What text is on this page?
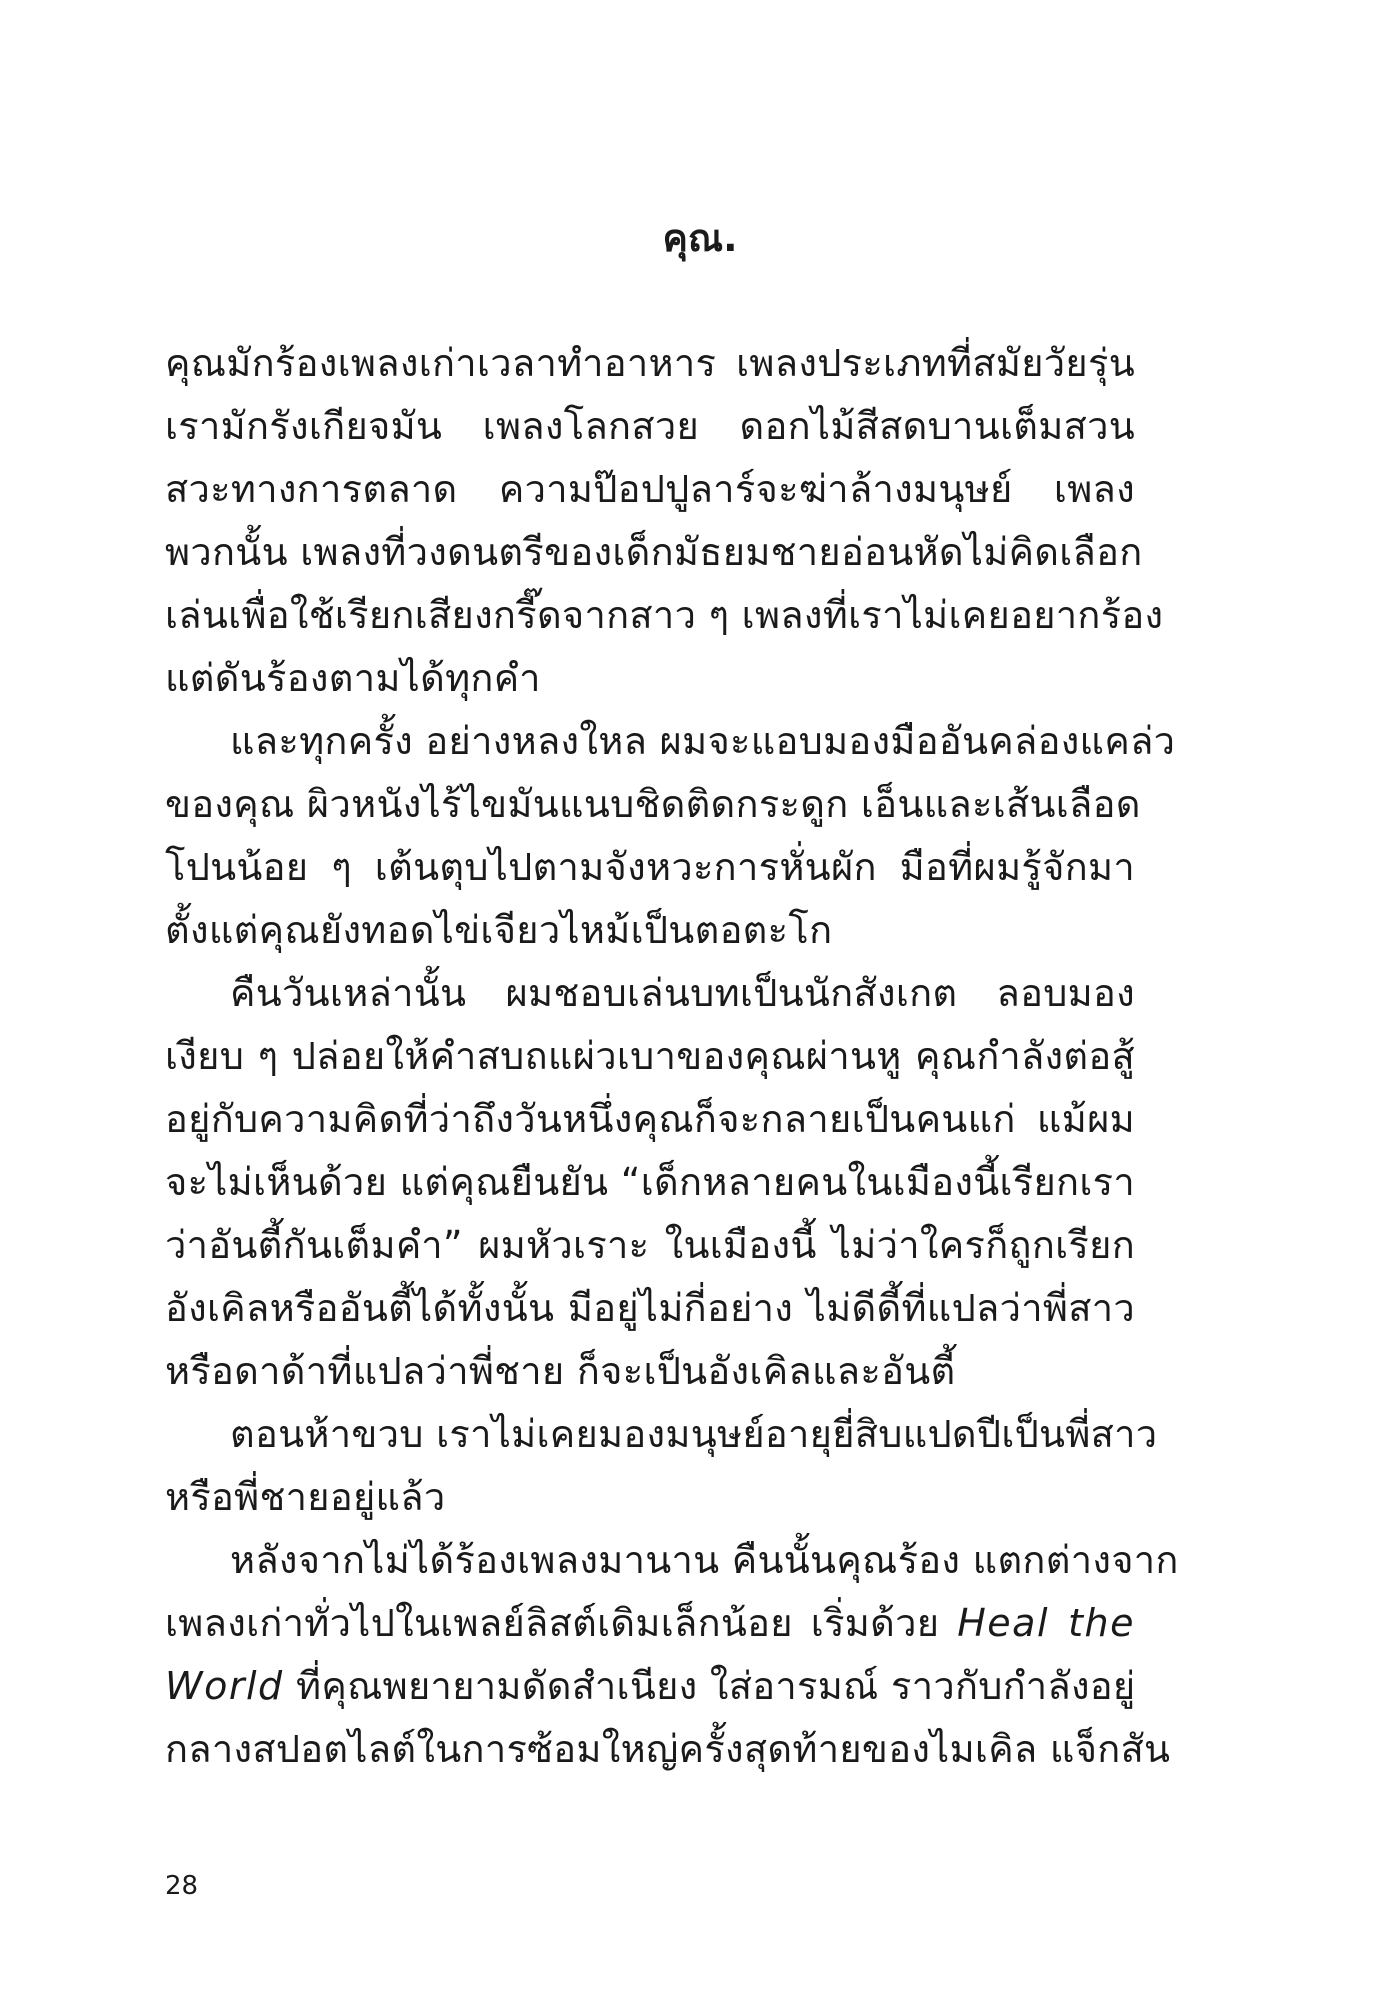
คุณ.
คุณมักร้องเพลงเก่าเวลาทำอาหาร เพลงประเภทที่สมัยวัยรุ่น
เรามักรังเกียจมัน เพลงโลกสวย ดอกไม้สีสดบานเต็มสวน
สวะทางการตลาด ความป๊อปปูลาร์จะฆ่าล้างมนุษย์ เพลง
พวกนั้น เพลงที่วงดนตรีของเด็กมัธยมชายอ่อนหัดไม่คิดเลือก
เล่นเพื่อใช้เรียกเสียงกรี๊ดจากสาว ๆ เพลงที่เราไม่เคยอยากร้อง
แต่ดันร้องตามได้ทุกคำ
และทุกครั้ง อย่างหลงใหล ผมจะแอบมองมืออันคล่องแคล่ว
ของคุณ ผิวหนังไร้ไขมันแนบชิดติดกระดูก เอ็นและเส้นเลือด
โปนน้อย ๆ เต้นตุบไปตามจังหวะการหั่นผัก มือที่ผมรู้จักมา
ตั้งแต่คุณยังทอดไข่เจียวไหม้เป็นตอตะโก
คืนวันเหล่านั้น ผมชอบเล่นบทเป็นนักสังเกต ลอบมอง
เงียบ ๆ ปล่อยให้คำสบถแผ่วเบาของคุณผ่านหู คุณกำลังต่อสู้
อยู่กับความคิดที่ว่าถึงวันหนึ่งคุณก็จะกลายเป็นคนแก่ แม้ผม
จะไม่เห็นด้วย แต่คุณยืนยัน “เด็กหลายคนในเมืองนี้เรียกเรา
ว่าอันตี้กันเต็มคำ” ผมหัวเราะ ในเมืองนี้ ไม่ว่าใครก็ถูกเรียก
อังเคิลหรืออันตี้ได้ทั้งนั้น มีอยู่ไม่กี่อย่าง ไม่ดีดี้ที่แปลว่าพี่สาว
หรือดาด้าที่แปลว่าพี่ชาย ก็จะเป็นอังเคิลและอันตี้
ตอนห้าขวบ เราไม่เคยมองมนุษย์อายุยี่สิบแปดปีเป็นพี่สาว
หรือพี่ชายอยู่แล้ว
หลังจากไม่ได้ร้องเพลงมานาน คืนนั้นคุณร้อง แตกต่างจาก
เพลงเก่าทั่วไปในเพลย์ลิสต์เดิมเล็กน้อย เริ่มด้วย Heal the
World ที่คุณพยายามดัดสำเนียง ใส่อารมณ์ ราวกับกำลังอยู่
กลางสปอตไลต์ในการซ้อมใหญ่ครั้งสุดท้ายของไมเคิล แจ็กสัน

28
